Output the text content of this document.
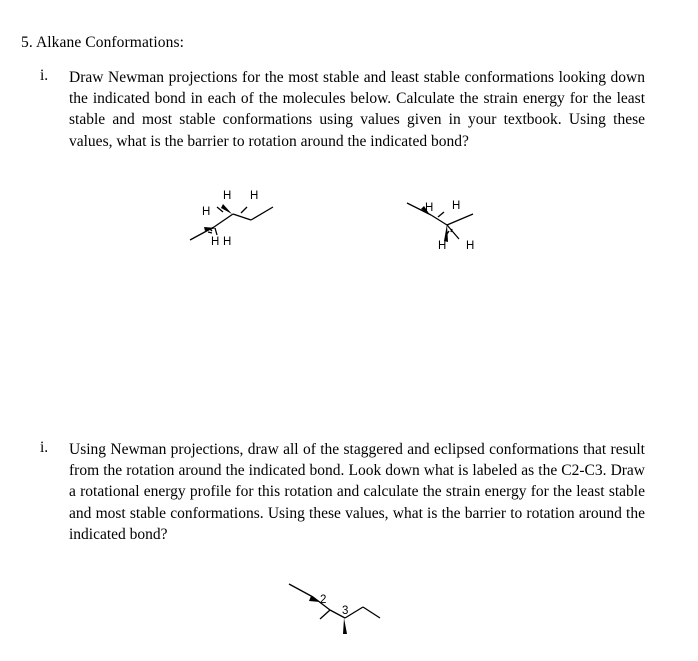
5. Alkane Conformations:
i. Draw Newman projections for the most stable and least stable conformations looking down the indicated bond in each of the molecules below. Calculate the strain energy for the least stable and most stable conformations using values given in your textbook. Using these values, what is the barrier to rotation around the indicated bond?
H
H H
H H
H H
H H
i. Using Newman projections, draw all of the staggered and eclipsed conformations that result from the rotation around the indicated bond. Look down what is labeled as the C2-C3. Draw a rotational energy profile for this rotation and calculate the strain energy for the least stable and most stable conformations. Using these values, what is the barrier to rotation around the indicated bond?
2
3
